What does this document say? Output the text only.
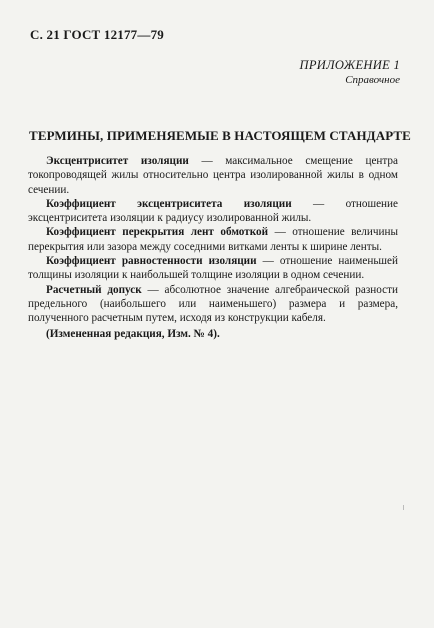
С. 21 ГОСТ 12177—79
ПРИЛОЖЕНИЕ 1
Справочное
ТЕРМИНЫ, ПРИМЕНЯЕМЫЕ В НАСТОЯЩЕМ СТАНДАРТЕ

Эксцентриситет изоляции — максимальное смещение центра токопроводящей жилы относительно центра изолированной жилы в одном сечении.

Коэффициент эксцентриситета изоляции — отношение эксцентриситета изоляции к радиусу изолированной жилы.

Коэффициент перекрытия лент обмоткой — отношение величины перекрытия или зазора между соседними витками ленты к ширине ленты.

Коэффициент равностенности изоляции — отношение наименьшей толщины изоляции к наибольшей толщине изоляции в одном сечении.

Расчетный допуск — абсолютное значение алгебраической разности предельного (наибольшего или наименьшего) размера и размера, полученного расчетным путем, исходя из конструкции кабеля.

(Измененная редакция, Изм. № 4).
